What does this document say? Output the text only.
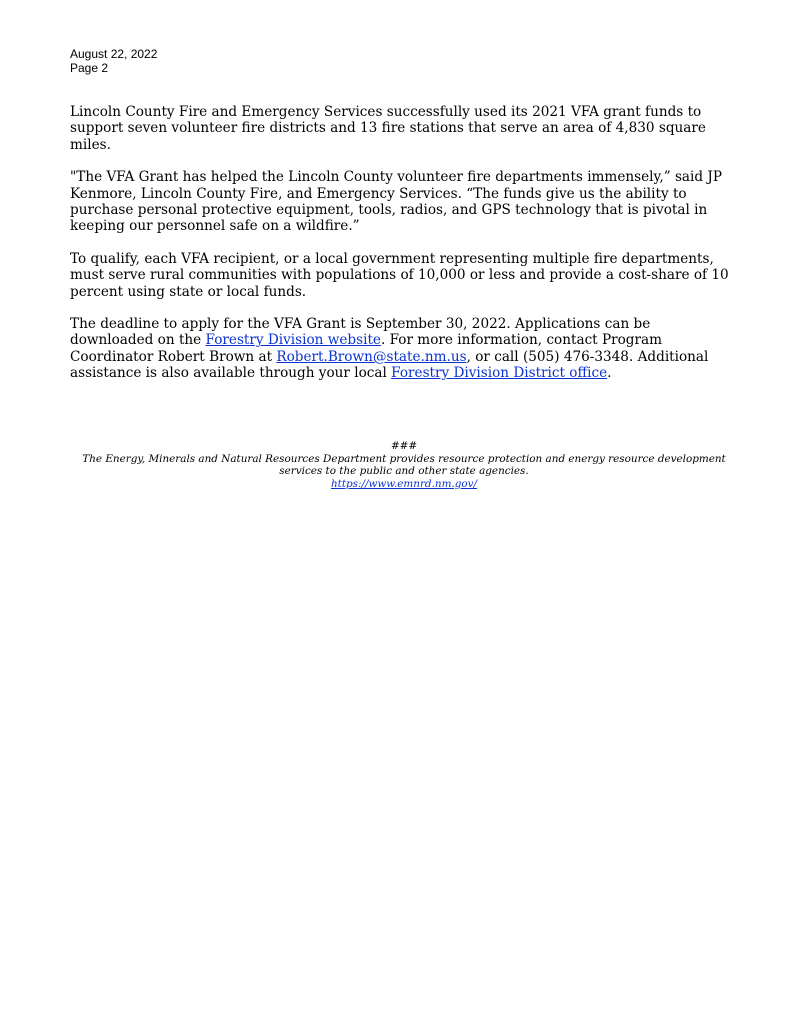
August 22, 2022
Page 2

Lincoln County Fire and Emergency Services successfully used its 2021 VFA grant funds to support seven volunteer fire districts and 13 fire stations that serve an area of 4,830 square miles.

"The VFA Grant has helped the Lincoln County volunteer fire departments immensely,” said JP Kenmore, Lincoln County Fire, and Emergency Services. “The funds give us the ability to purchase personal protective equipment, tools, radios, and GPS technology that is pivotal in keeping our personnel safe on a wildfire.”

To qualify, each VFA recipient, or a local government representing multiple fire departments, must serve rural communities with populations of 10,000 or less and provide a cost-share of 10 percent using state or local funds.

The deadline to apply for the VFA Grant is September 30, 2022. Applications can be downloaded on the Forestry Division website. For more information, contact Program Coordinator Robert Brown at Robert.Brown@state.nm.us, or call (505) 476-3348. Additional assistance is also available through your local Forestry Division District office.

###
The Energy, Minerals and Natural Resources Department provides resource protection and energy resource development services to the public and other state agencies.
https://www.emnrd.nm.gov/
